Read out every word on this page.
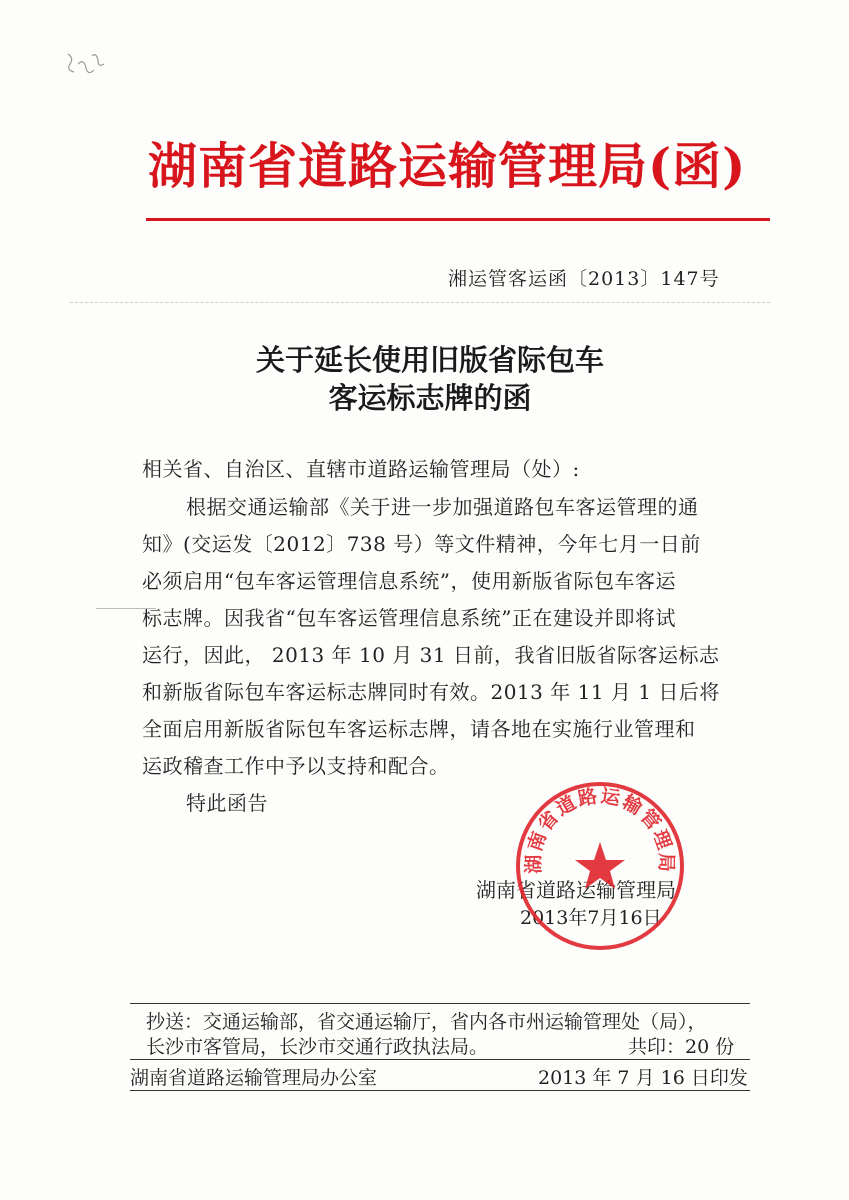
湖南省道路运输管理局(函)
湘运管客运函〔2013〕147号
关于延长使用旧版省际包车
客运标志牌的函
相关省、自治区、直辖市道路运输管理局（处）:
根据交通运输部《关于进一步加强道路包车客运管理的通
知》(交运发〔2012〕738 号）等文件精神，今年七月一日前
必须启用“包车客运管理信息系统”，使用新版省际包车客运
标志牌。因我省“包车客运管理信息系统”正在建设并即将试
运行，因此， 2013 年 10 月 31 日前，我省旧版省际客运标志
和新版省际包车客运标志牌同时有效。2013 年 11 月 1 日后将
全面启用新版省际包车客运标志牌，请各地在实施行业管理和
运政稽查工作中予以支持和配合。
特此函告
湖南省道路运输管理局
2013年7月16日
湖南省道路运输管理局
抄送：交通运输部，省交通运输厅，省内各市州运输管理处（局），
长沙市客管局，长沙市交通行政执法局。	共印：20 份
湖南省道路运输管理局办公室	2013 年 7 月 16 日印发
